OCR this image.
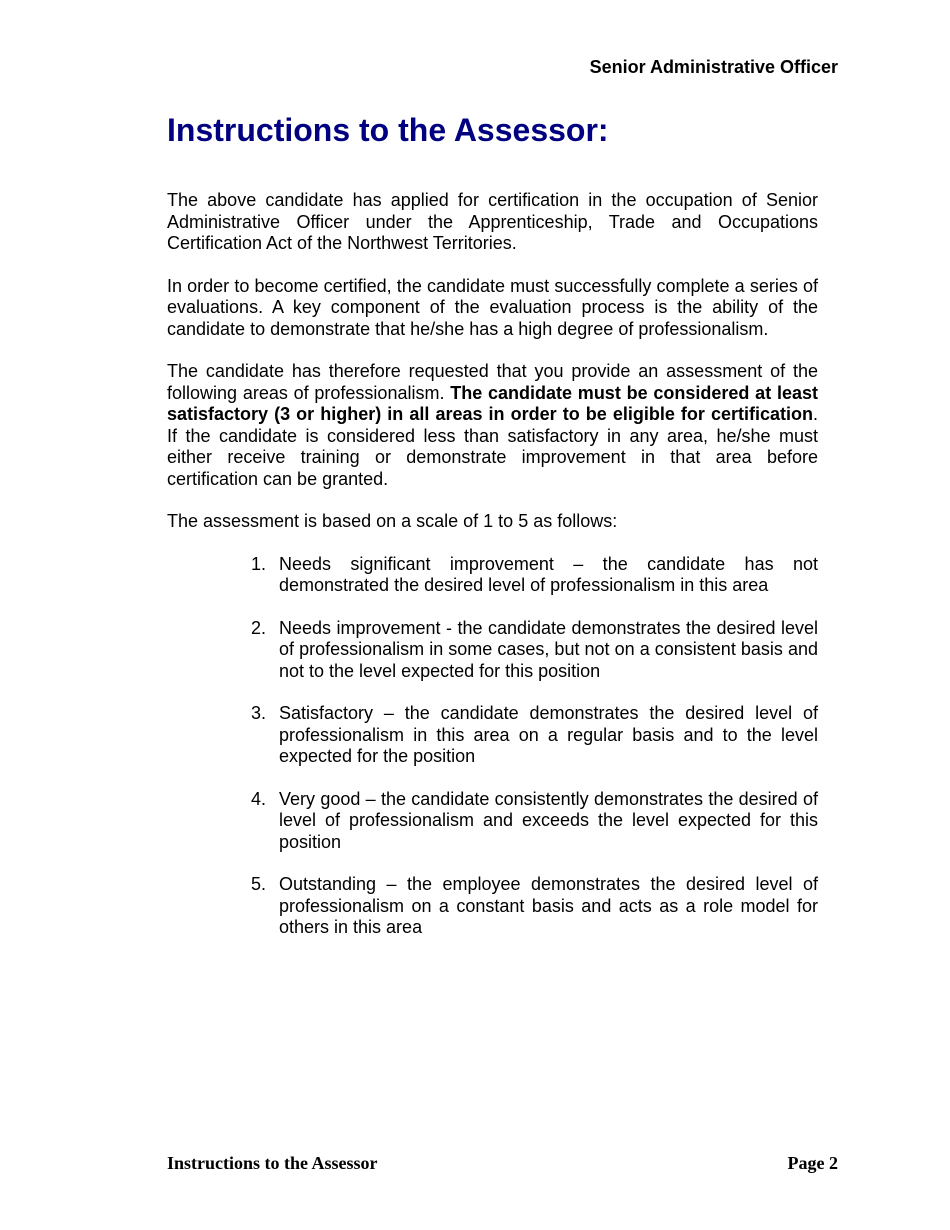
Senior Administrative Officer
Instructions to the Assessor:

The above candidate has applied for certification in the occupation of Senior Administrative Officer under the Apprenticeship, Trade and Occupations Certification Act of the Northwest Territories.

In order to become certified, the candidate must successfully complete a series of evaluations. A key component of the evaluation process is the ability of the candidate to demonstrate that he/she has a high degree of professionalism.

The candidate has therefore requested that you provide an assessment of the following areas of professionalism. The candidate must be considered at least satisfactory (3 or higher) in all areas in order to be eligible for certification. If the candidate is considered less than satisfactory in any area, he/she must either receive training or demonstrate improvement in that area before certification can be granted.

The assessment is based on a scale of 1 to 5 as follows:

1. Needs significant improvement – the candidate has not demonstrated the desired level of professionalism in this area
2. Needs improvement - the candidate demonstrates the desired level of professionalism in some cases, but not on a consistent basis and not to the level expected for this position
3. Satisfactory – the candidate demonstrates the desired level of professionalism in this area on a regular basis and to the level expected for the position
4. Very good – the candidate consistently demonstrates the desired of level of professionalism and exceeds the level expected for this position
5. Outstanding – the employee demonstrates the desired level of professionalism on a constant basis and acts as a role model for others in this area
Instructions to the Assessor	Page 2
